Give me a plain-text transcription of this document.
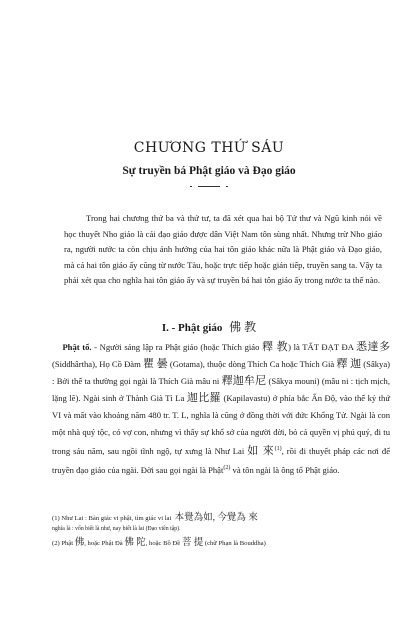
CHƯƠNG THỨ SÁU
Sự truyền bá Phật giáo và Đạo giáo

Trong hai chương thứ ba và thứ tư, ta đã xét qua hai bộ Tứ thư và Ngũ kinh nói về học thuyết Nho giáo là cái đạo giáo được dân Việt Nam tôn sùng nhất. Nhưng trừ Nho giáo ra, người nước ta còn chịu ảnh hưởng của hai tôn giáo khác nữa là Phật giáo và Đạo giáo, mà cả hai tôn giáo ấy cũng từ nước Tàu, hoặc trực tiếp hoặc gián tiếp, truyền sang ta. Vậy ta phải xét qua cho nghĩa hai tôn giáo ấy và sự truyền bá hai tôn giáo ấy trong nước ta thế nào.

I. - Phật giáo 佛 教

Phật tổ. - Người sáng lập ra Phật giáo (hoặc Thích giáo 釋 教) là TẤT ĐẠT ĐA 悉達多 (Siddhârtha), Họ Cồ Đàm 瞿 曇 (Gotama), thuộc dòng Thích Ca hoặc Thích Già 釋 迦 (Sâkya) : Bởi thế ta thường gọi ngài là Thích Già mâu ni 釋迦牟尼 (Sâkya mouni) (mâu ni : tịch mịch, lặng lẽ). Ngài sinh ở Thành Già Tì La 迦比羅 (Kapilavastu) ở phía bắc Ấn Độ, vào thế kỷ thứ VI và mất vào khoảng năm 480 tr. T. L, nghĩa là cũng ở đồng thời với đức Khổng Tử. Ngài là con một nhà quý tộc, có vợ con, nhưng vì thấy sự khổ sở của người đời, bỏ cả quyền vị phú quý, đi tu trong sáu năm, sau ngồi tĩnh ngộ, tự xưng là Như Lai 如 來$^{(1)}$, rồi đi thuyết pháp các nơi để truyền đạo giáo của ngài. Đời sau gọi ngài là Phật$^{(2)}$ và tôn ngài là ông tổ Phật giáo.

(1) Như Lai : Bản giác vi phật, tìm giác vi lai 本覺為如, 今覺為 來
nghĩa là : vốn biết là như, nay biết là lai (Đạo viên tập).
(2) Phật 佛, hoặc Phật Đà 佛 陀, hoặc Bồ Đề 菩 提 (chữ Phạn là Bouddha)
